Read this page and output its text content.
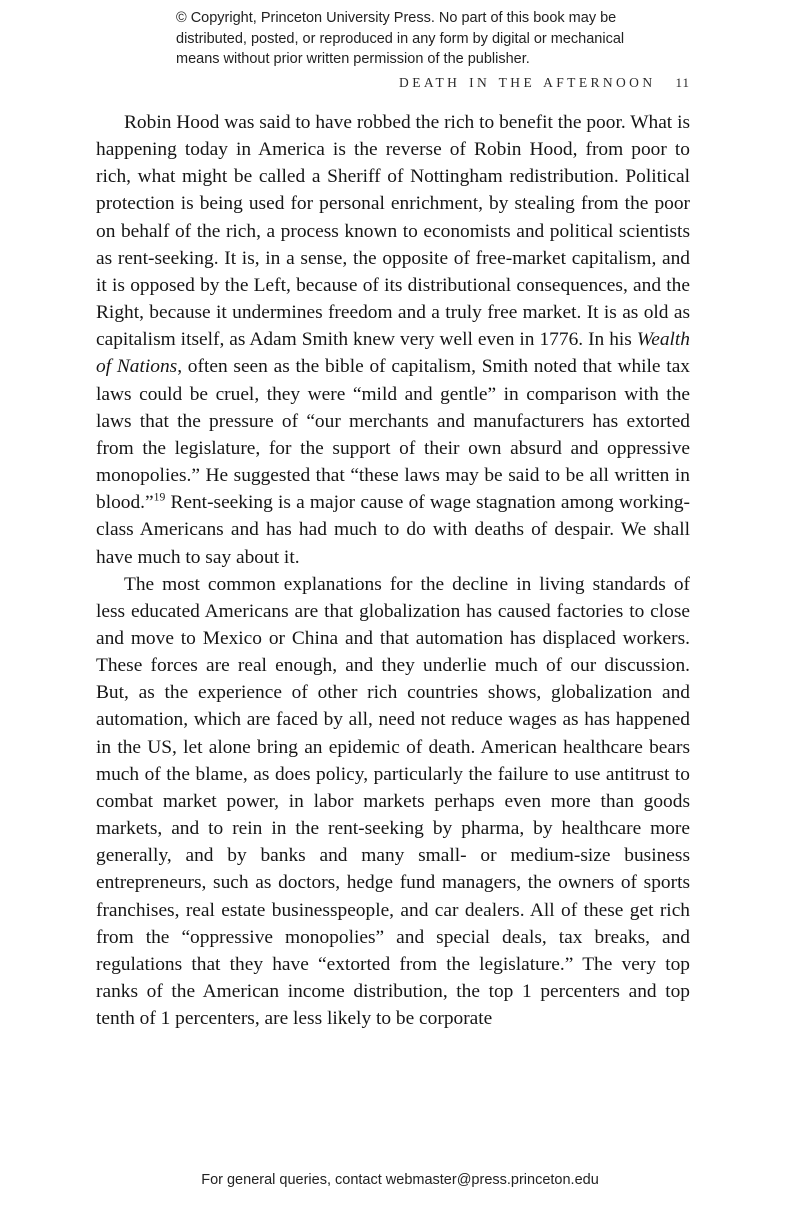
© Copyright, Princeton University Press. No part of this book may be
distributed, posted, or reproduced in any form by digital or mechanical
means without prior written permission of the publisher.
DEATH IN THE AFTERNOON 11

Robin Hood was said to have robbed the rich to benefit the poor. What is happening today in America is the reverse of Robin Hood, from poor to rich, what might be called a Sheriff of Nottingham redistribution. Political protection is being used for personal enrichment, by stealing from the poor on behalf of the rich, a process known to economists and political scientists as rent-seeking. It is, in a sense, the opposite of free-market capitalism, and it is opposed by the Left, because of its distributional consequences, and the Right, because it undermines freedom and a truly free market. It is as old as capitalism itself, as Adam Smith knew very well even in 1776. In his Wealth of Nations, often seen as the bible of capitalism, Smith noted that while tax laws could be cruel, they were “mild and gentle” in comparison with the laws that the pressure of “our merchants and manufacturers has extorted from the legislature, for the support of their own absurd and oppressive monopolies.” He suggested that “these laws may be said to be all written in blood.”$^{19}$ Rent-seeking is a major cause of wage stagnation among working-class Americans and has had much to do with deaths of despair. We shall have much to say about it.

The most common explanations for the decline in living standards of less educated Americans are that globalization has caused factories to close and move to Mexico or China and that automation has displaced workers. These forces are real enough, and they underlie much of our discussion. But, as the experience of other rich countries shows, globalization and automation, which are faced by all, need not reduce wages as has happened in the US, let alone bring an epidemic of death. American healthcare bears much of the blame, as does policy, particularly the failure to use antitrust to combat market power, in labor markets perhaps even more than goods markets, and to rein in the rent-seeking by pharma, by healthcare more generally, and by banks and many small- or medium-size business entrepreneurs, such as doctors, hedge fund managers, the owners of sports franchises, real estate businesspeople, and car dealers. All of these get rich from the “oppressive monopolies” and special deals, tax breaks, and regulations that they have “extorted from the legislature.” The very top ranks of the American income distribution, the top 1 percenters and top tenth of 1 percenters, are less likely to be corporate

For general queries, contact webmaster@press.princeton.edu
